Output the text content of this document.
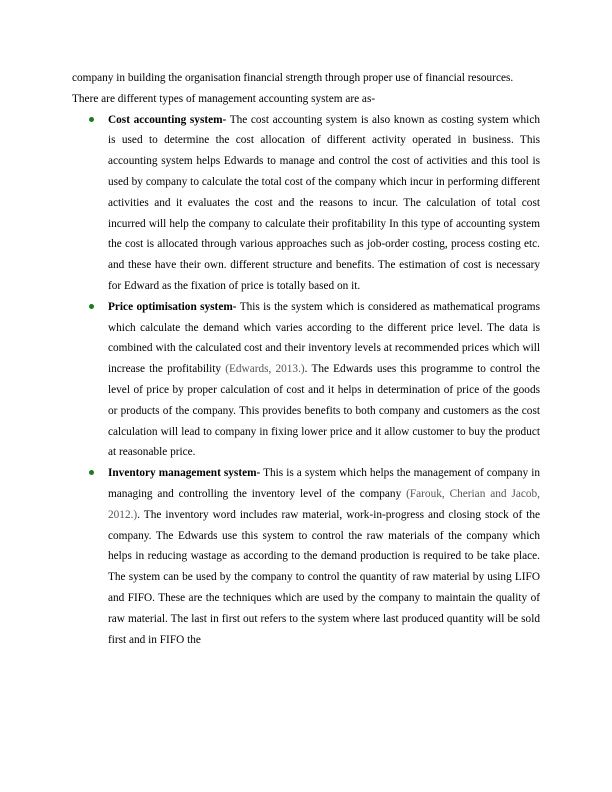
company in building the organisation financial strength through proper use of financial resources.

There are different types of management accounting system are as-

Cost accounting system- The cost accounting system is also known as costing system which is used to determine the cost allocation of different activity operated in business. This accounting system helps Edwards to manage and control the cost of activities and this tool is used by company to calculate the total cost of the company which incur in performing different activities and it evaluates the cost and the reasons to incur. The calculation of total cost incurred will help the company to calculate their profitability In this type of accounting system the cost is allocated through various approaches such as job-order costing, process costing etc. and these have their own. different structure and benefits. The estimation of cost is necessary for Edward as the fixation of price is totally based on it.
Price optimisation system- This is the system which is considered as mathematical programs which calculate the demand which varies according to the different price level. The data is combined with the calculated cost and their inventory levels at recommended prices which will increase the profitability (Edwards, 2013.). The Edwards uses this programme to control the level of price by proper calculation of cost and it helps in determination of price of the goods or products of the company. This provides benefits to both company and customers as the cost calculation will lead to company in fixing lower price and it allow customer to buy the product at reasonable price.
Inventory management system- This is a system which helps the management of company in managing and controlling the inventory level of the company (Farouk, Cherian and Jacob, 2012.). The inventory word includes raw material, work-in-progress and closing stock of the company. The Edwards use this system to control the raw materials of the company which helps in reducing wastage as according to the demand production is required to be take place. The system can be used by the company to control the quantity of raw material by using LIFO and FIFO. These are the techniques which are used by the company to maintain the quality of raw material. The last in first out refers to the system where last produced quantity will be sold first and in FIFO the
